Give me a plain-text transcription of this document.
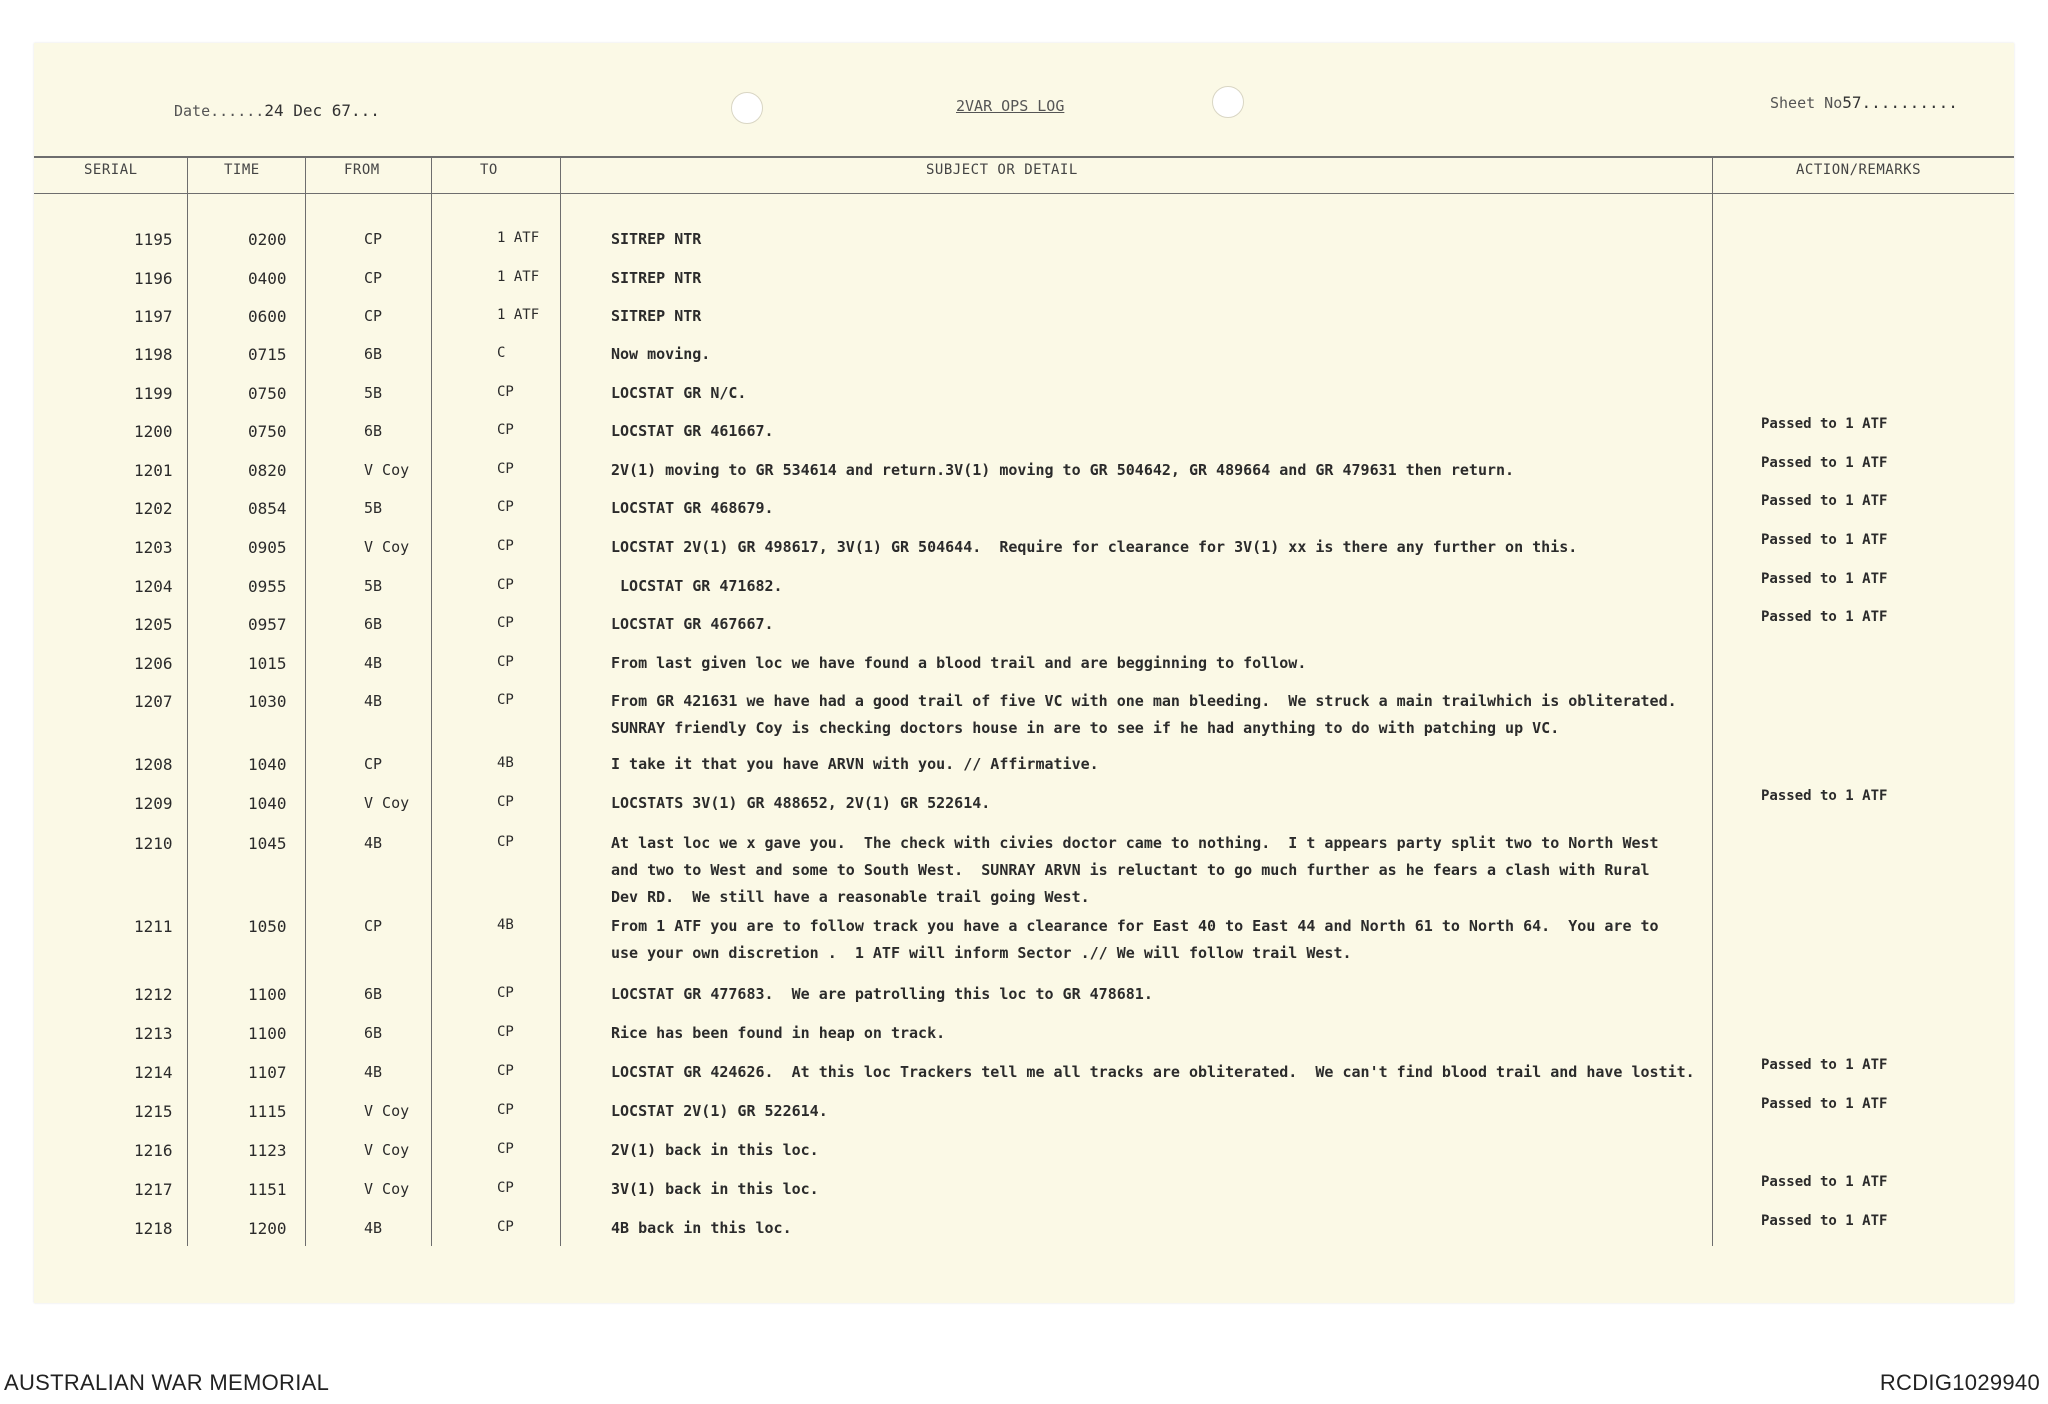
Date......24 Dec 67...	2VAR OPS LOG	Sheet No57..........
SERIAL	TIME	FROM	TO	SUBJECT OR DETAIL	ACTION/REMARKS
1195	0200	CP	1 ATF	SITREP NTR
1196	0400	CP	1 ATF	SITREP NTR
1197	0600	CP	1 ATF	SITREP NTR
1198	0715	6B	C	Now moving.
1199	0750	5B	CP	LOCSTAT GR N/C.
1200	0750	6B	CP	LOCSTAT GR 461667.	Passed to 1 ATF
1201	0820	V Coy	CP	2V(1) moving to GR 534614 and return.3V(1) moving to GR 504642, GR 489664 and GR 479631 then return.	Passed to 1 ATF
1202	0854	5B	CP	LOCSTAT GR 468679.	Passed to 1 ATF
1203	0905	V Coy	CP	LOCSTAT 2V(1) GR 498617, 3V(1) GR 504644.  Require for clearance for 3V(1) xx is there any further on this.	Passed to 1 ATF
1204	0955	5B	CP	LOCSTAT GR 471682.	Passed to 1 ATF
1205	0957	6B	CP	LOCSTAT GR 467667.	Passed to 1 ATF
1206	1015	4B	CP	From last given loc we have found a blood trail and are begginning to follow.
1207	1030	4B	CP	From GR 421631 we have had a good trail of five VC with one man bleeding.  We struck a main trailwhich is obliterated.
SUNRAY friendly Coy is checking doctors house in are to see if he had anything to do with patching up VC.
1208	1040	CP	4B	I take it that you have ARVN with you. // Affirmative.
1209	1040	V Coy	CP	LOCSTATS 3V(1) GR 488652, 2V(1) GR 522614.	Passed to 1 ATF
1210	1045	4B	CP	At last loc we x gave you.  The check with civies doctor came to nothing.  I t appears party split two to North West
and two to West and some to South West.  SUNRAY ARVN is reluctant to go much further as he fears a clash with Rural
Dev RD.  We still have a reasonable trail going West.
1211	1050	CP	4B	From 1 ATF you are to follow track you have a clearance for East 40 to East 44 and North 61 to North 64.  You are to
use your own discretion .  1 ATF will inform Sector .// We will follow trail West.
1212	1100	6B	CP	LOCSTAT GR 477683.  We are patrolling this loc to GR 478681.
1213	1100	6B	CP	Rice has been found in heap on track.
1214	1107	4B	CP	LOCSTAT GR 424626.  At this loc Trackers tell me all tracks are obliterated.  We can't find blood trail and have lostit.	Passed to 1 ATF
1215	1115	V Coy	CP	LOCSTAT 2V(1) GR 522614.	Passed to 1 ATF
1216	1123	V Coy	CP	2V(1) back in this loc.
1217	1151	V Coy	CP	3V(1) back in this loc.	Passed to 1 ATF
1218	1200	4B	CP	4B back in this loc.	Passed to 1 ATF
AUSTRALIAN WAR MEMORIAL	RCDIG1029940
